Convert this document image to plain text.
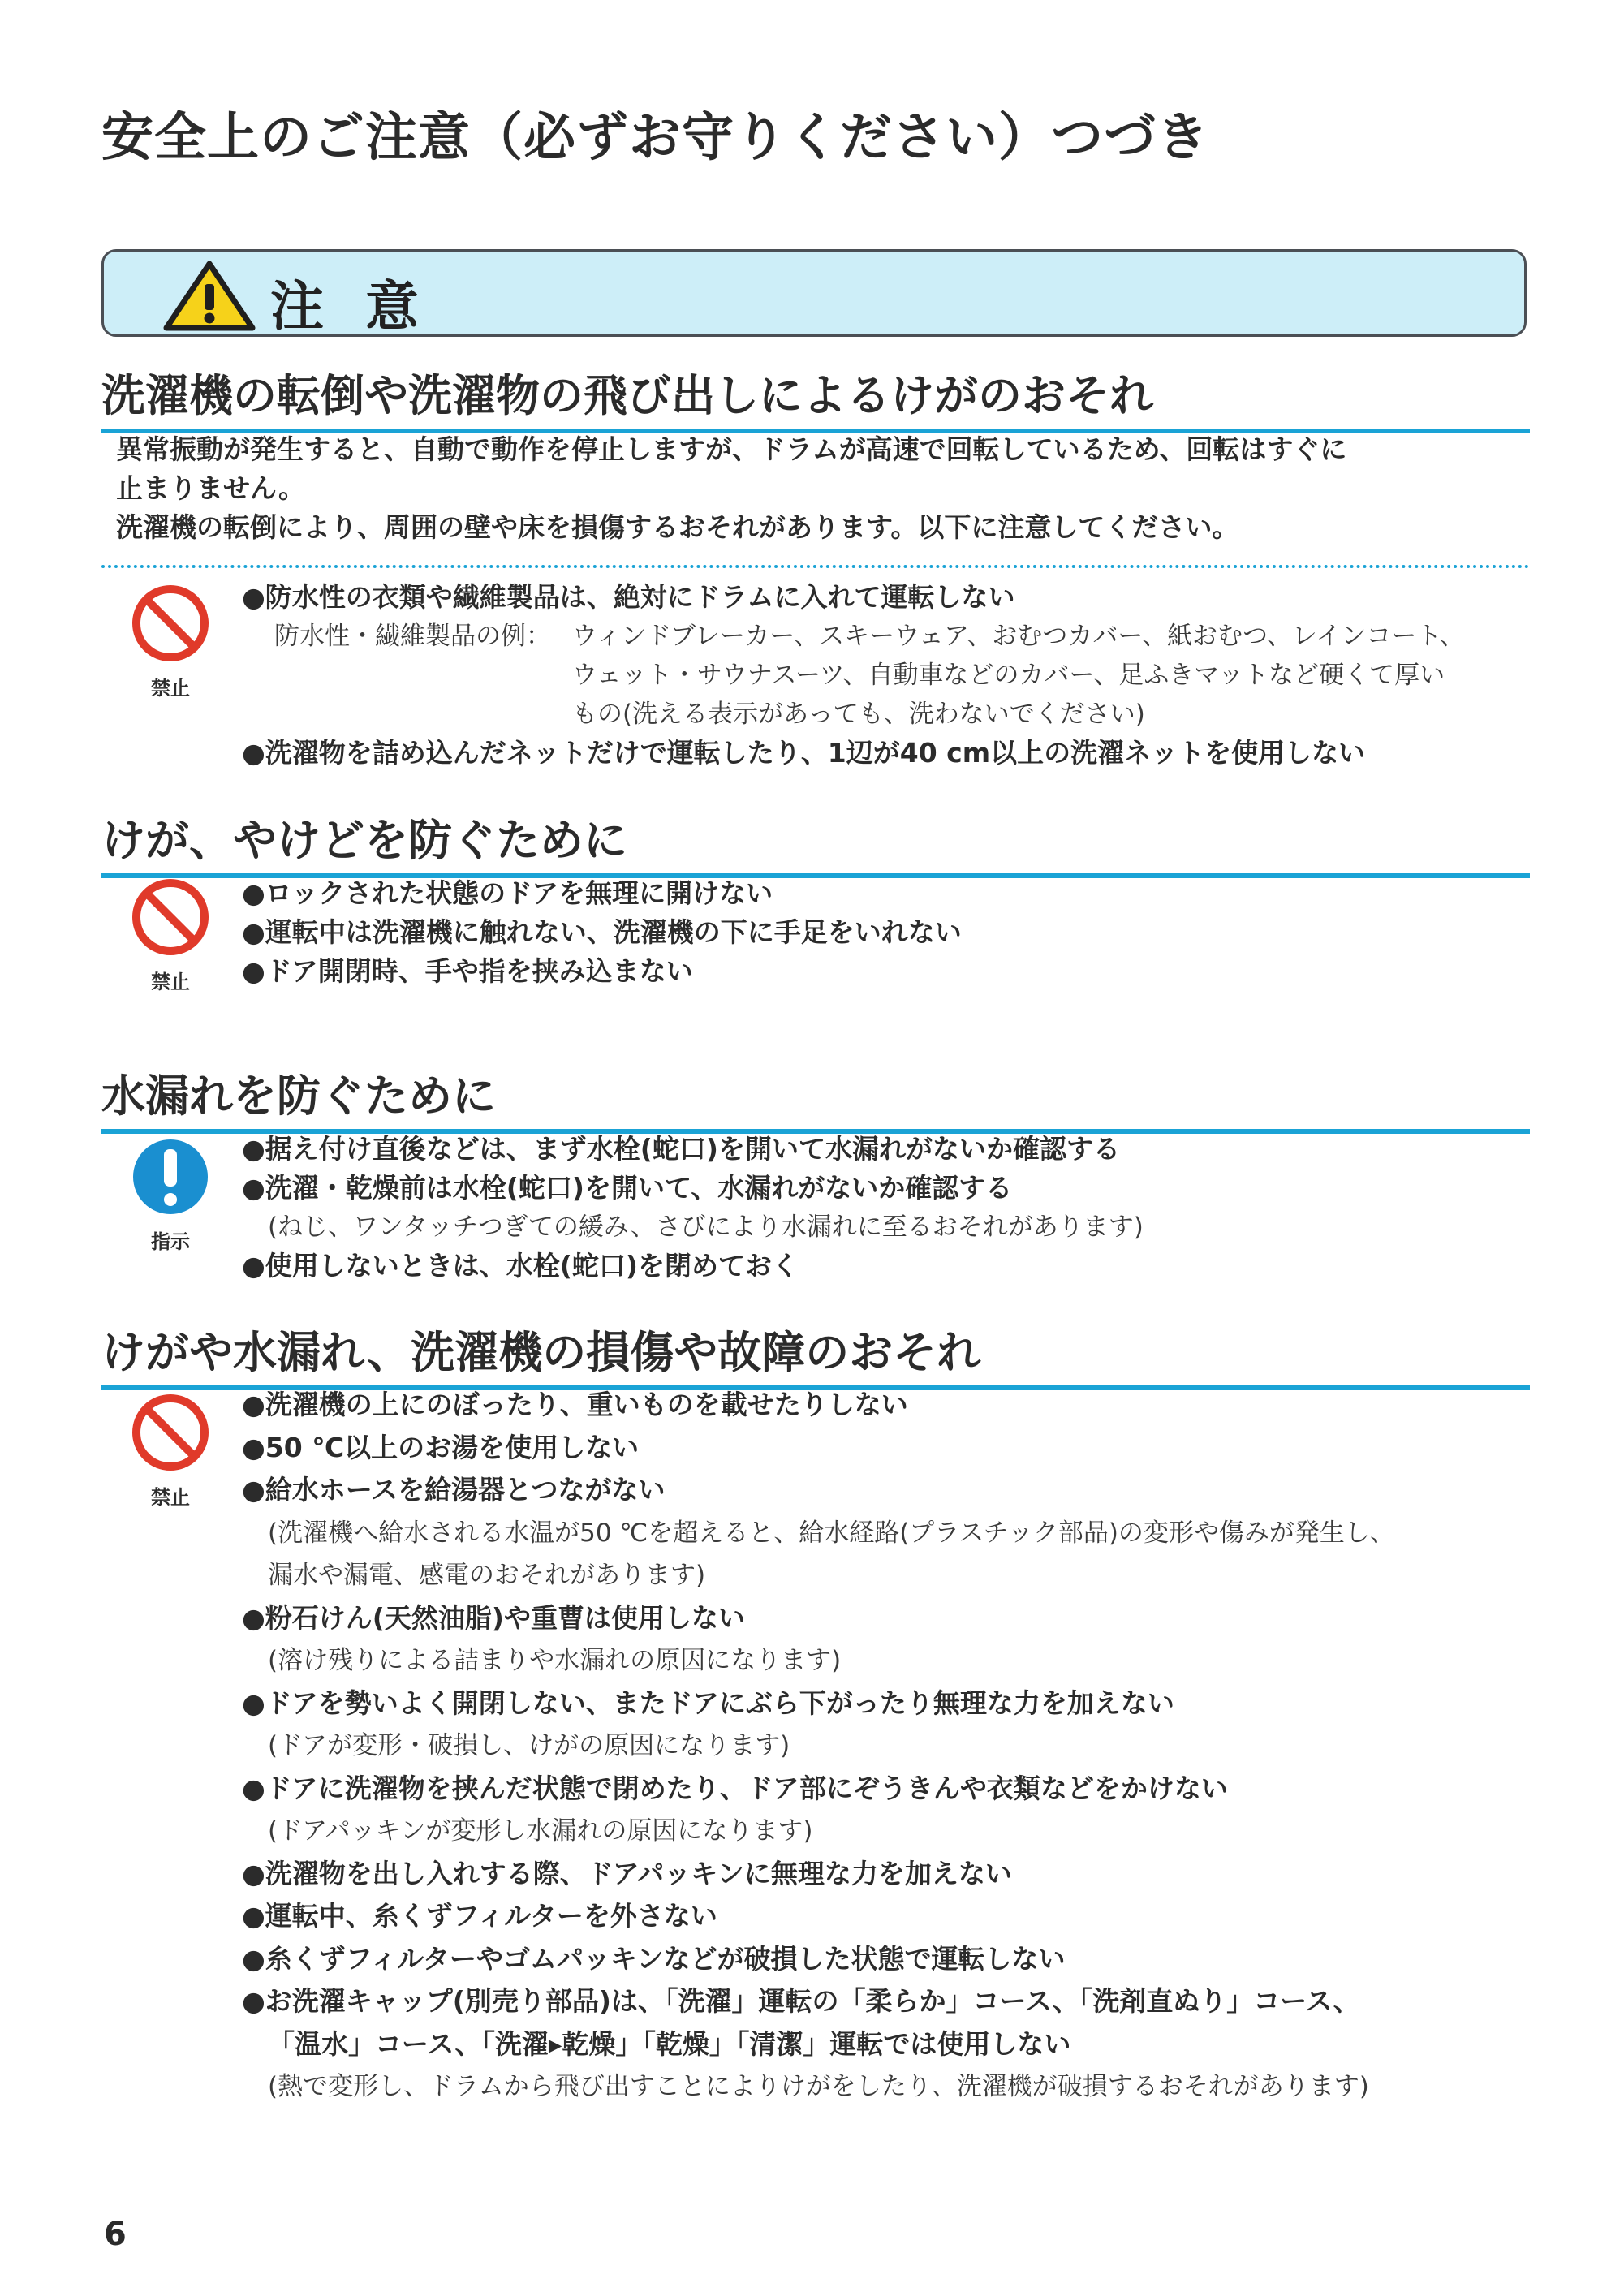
安全上のご注意（必ずお守りください）つづき
注 意
洗濯機の転倒や洗濯物の飛び出しによるけがのおそれ
異常振動が発生すると、自動で動作を停止しますが、ドラムが高速で回転しているため、回転はすぐに
止まりません。
洗濯機の転倒により、周囲の壁や床を損傷するおそれがあります。以下に注意してください。
禁止
●防水性の衣類や繊維製品は、絶対にドラムに入れて運転しない
防水性・繊維製品の例： ウィンドブレーカー、スキーウェア、おむつカバー、紙おむつ、レインコート、
ウェット・サウナスーツ、自動車などのカバー、足ふきマットなど硬くて厚い
もの(洗える表示があっても、洗わないでください)
●洗濯物を詰め込んだネットだけで運転したり、1辺が40 cm以上の洗濯ネットを使用しない
けが、やけどを防ぐために
禁止
●ロックされた状態のドアを無理に開けない
●運転中は洗濯機に触れない、洗濯機の下に手足をいれない
●ドア開閉時、手や指を挟み込まない
水漏れを防ぐために
指示
●据え付け直後などは、まず水栓(蛇口)を開いて水漏れがないか確認する
●洗濯・乾燥前は水栓(蛇口)を開いて、水漏れがないか確認する
(ねじ、ワンタッチつぎての緩み、さびにより水漏れに至るおそれがあります)
●使用しないときは、水栓(蛇口)を閉めておく
けがや水漏れ、洗濯機の損傷や故障のおそれ
禁止
●洗濯機の上にのぼったり、重いものを載せたりしない
●50 ℃以上のお湯を使用しない
●給水ホースを給湯器とつながない
(洗濯機へ給水される水温が50 ℃を超えると、給水経路(プラスチック部品)の変形や傷みが発生し、
漏水や漏電、感電のおそれがあります)
●粉石けん(天然油脂)や重曹は使用しない
(溶け残りによる詰まりや水漏れの原因になります)
●ドアを勢いよく開閉しない、またドアにぶら下がったり無理な力を加えない
(ドアが変形・破損し、けがの原因になります)
●ドアに洗濯物を挟んだ状態で閉めたり、ドア部にぞうきんや衣類などをかけない
(ドアパッキンが変形し水漏れの原因になります)
●洗濯物を出し入れする際、ドアパッキンに無理な力を加えない
●運転中、糸くずフィルターを外さない
●糸くずフィルターやゴムパッキンなどが破損した状態で運転しない
●お洗濯キャップ(別売り部品)は、「洗濯」運転の「柔らか」コース、「洗剤直ぬり」コース、
「温水」コース、「洗濯▸乾燥」「乾燥」「清潔」運転では使用しない
(熱で変形し、ドラムから飛び出すことによりけがをしたり、洗濯機が破損するおそれがあります)
6
